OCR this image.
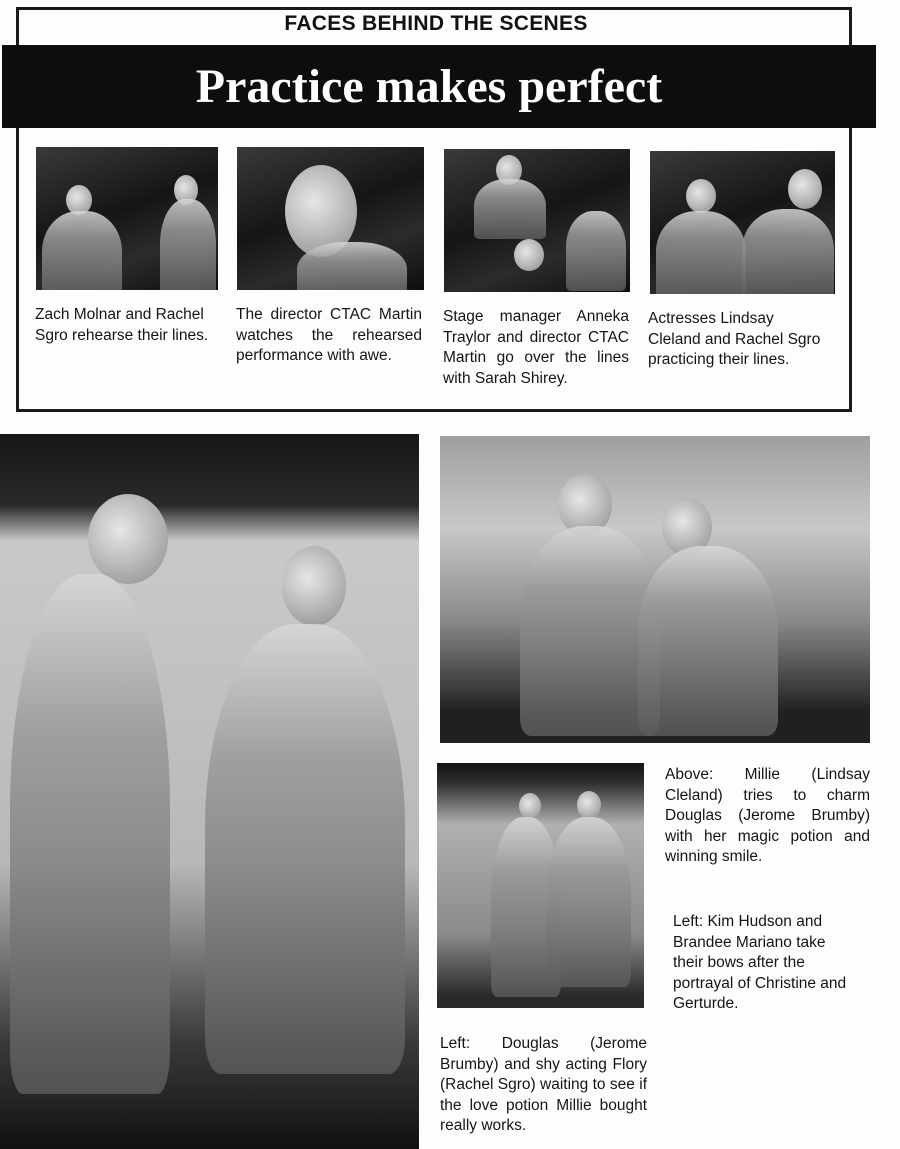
FACES BEHIND THE SCENES
Practice makes perfect
Zach Molnar and Rachel Sgro rehearse their lines.
The director CTAC Martin watches the rehearsed performance with awe.
Stage manager Anneka Traylor and director CTAC Martin go over the lines with Sarah Shirey.
Actresses Lindsay Cleland and Rachel Sgro practicing their lines.
Above: Millie (Lindsay Cleland) tries to charm Douglas (Jerome Brumby) with her magic potion and winning smile.
Left: Kim Hudson and Brandee Mariano take their bows after the portrayal of Christine and Gerturde.
Left: Douglas (Jerome Brumby) and shy acting Flory (Rachel Sgro) waiting to see if the love potion Millie bought really works.
